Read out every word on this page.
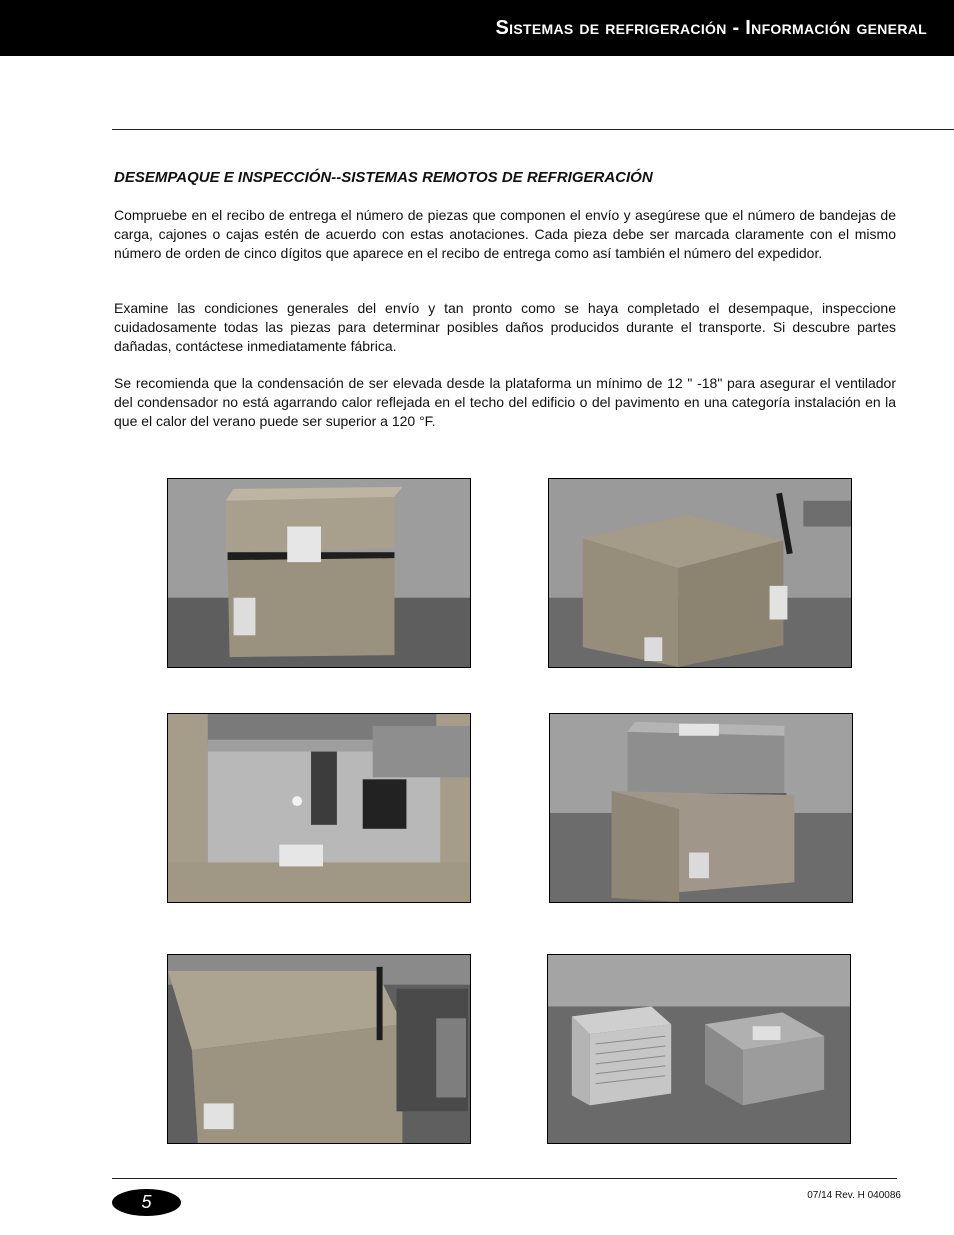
Sistemas de refrigeración - Información general
DESEMPAQUE E INSPECCIÓN--SISTEMAS REMOTOS DE REFRIGERACIÓN

Compruebe en el recibo de entrega el número de piezas que componen el envío y asegúrese que el número de bandejas de carga, cajones o cajas estén de acuerdo con estas anotaciones. Cada pieza debe ser marcada claramente con el mismo número de orden de cinco dígitos que aparece en el recibo de entrega como así también el número del expedidor.

Examine las condiciones generales del envío y tan pronto como se haya completado el desempaque, inspeccione cuidadosamente todas las piezas para determinar posibles daños producidos durante el transporte. Si descubre partes dañadas, contáctese inmediatamente fábrica.

Se recomienda que la condensación de ser elevada desde la plataforma un mínimo de 12 " -18" para asegurar el ventilador del condensador no está agarrando calor reflejada en el techo del edificio o del pavimento en una categoría instalación en la que el calor del verano puede ser superior a 120 °F.

5	07/14 Rev. H 040086
